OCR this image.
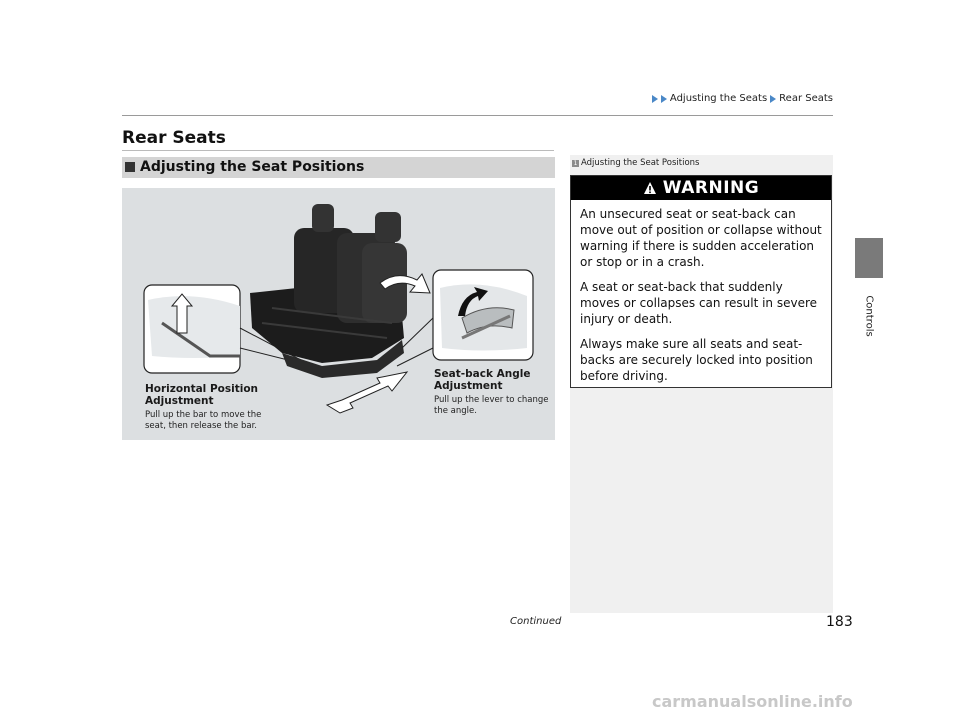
Adjusting the Seats Rear Seats
Rear Seats
Adjusting the Seat Positions
Horizontal Position Adjustment
Pull up the bar to move the seat, then release the bar.
Seat-back Angle Adjustment
Pull up the lever to change the angle.
1 Adjusting the Seat Positions
WARNING

An unsecured seat or seat-back can move out of position or collapse without warning if there is sudden acceleration or stop or in a crash.

A seat or seat-back that suddenly moves or collapses can result in severe injury or death.

Always make sure all seats and seat-backs are securely locked into position before driving.

Controls
Continued	183
carmanualsonline.info
